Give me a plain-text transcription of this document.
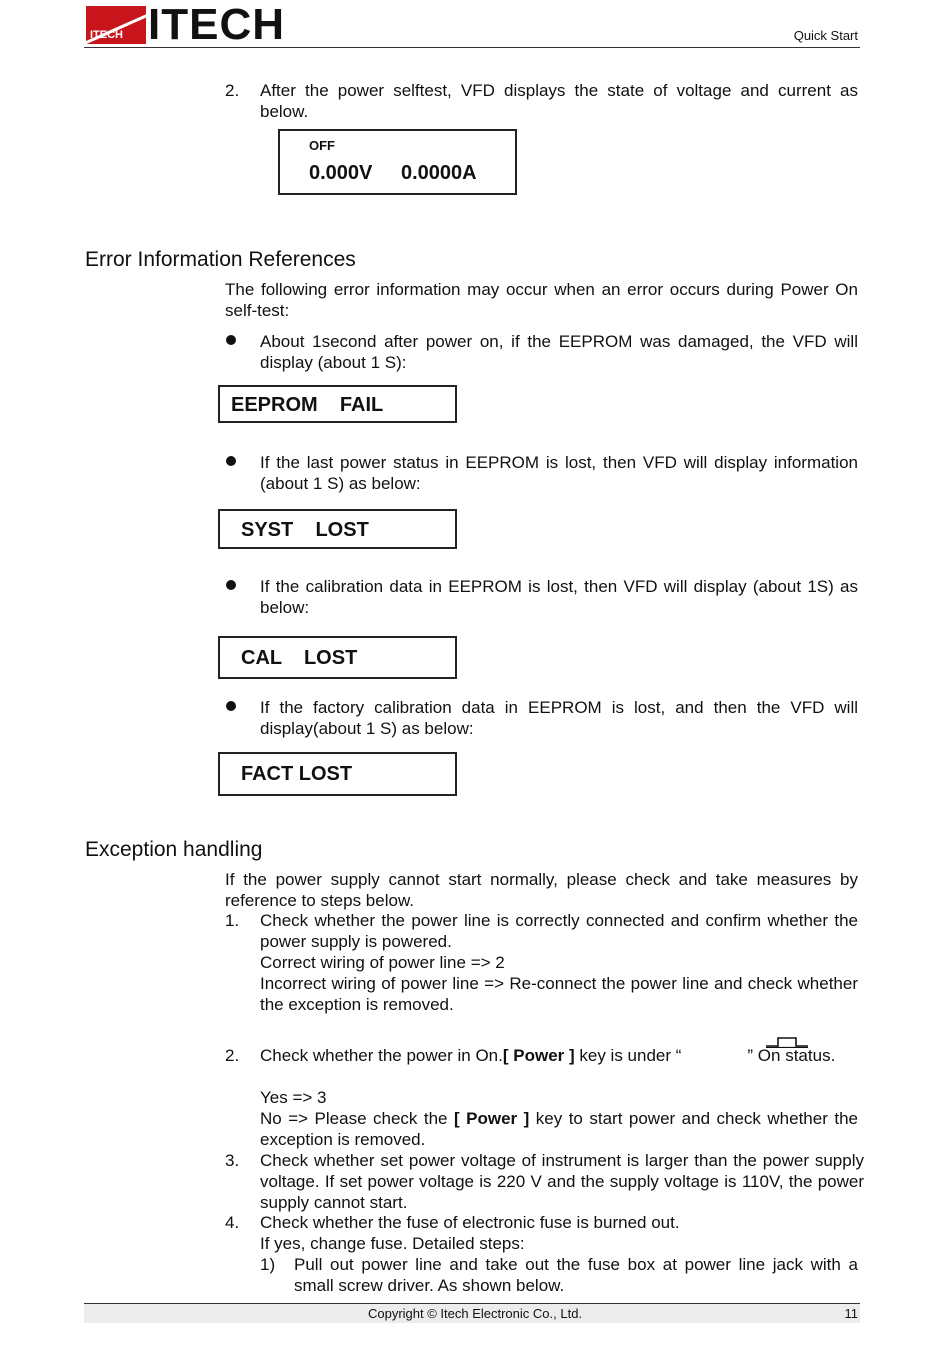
ITECH ITECH	Quick Start
2. After the power selftest, VFD displays the state of voltage and current as below.
OFF
0.000V 0.0000A
Error Information References
The following error information may occur when an error occurs during Power On self-test:
About 1second after power on, if the EEPROM was damaged, the VFD will display (about 1 S):
EEPROM    FAIL
If the last power status in EEPROM is lost, then VFD will display information (about 1 S) as below:
SYST    LOST
If the calibration data in EEPROM is lost, then VFD will display (about 1S) as below:
CAL    LOST
If the factory calibration data in EEPROM is lost, and then the VFD will display(about 1 S) as below:
FACT LOST
Exception handling
If the power supply cannot start normally, please check and take measures by reference to steps below.
1. Check whether the power line is correctly connected and confirm whether the power supply is powered.
Correct wiring of power line => 2
Incorrect wiring of power line => Re-connect the power line and check whether the exception is removed.
2. Check whether the power in On.[ Power ] key is under “	” On status.
Yes => 3
No => Please check the [ Power ] key to start power and check whether the exception is removed.
3. Check whether set power voltage of instrument is larger than the power supply voltage. If set power voltage is 220 V and the supply voltage is 110V, the power supply cannot start.
4. Check whether the fuse of electronic fuse is burned out.
If yes, change fuse. Detailed steps:
1) Pull out power line and take out the fuse box at power line jack with a small screw driver. As shown below.
Copyright © Itech Electronic Co., Ltd.	11
